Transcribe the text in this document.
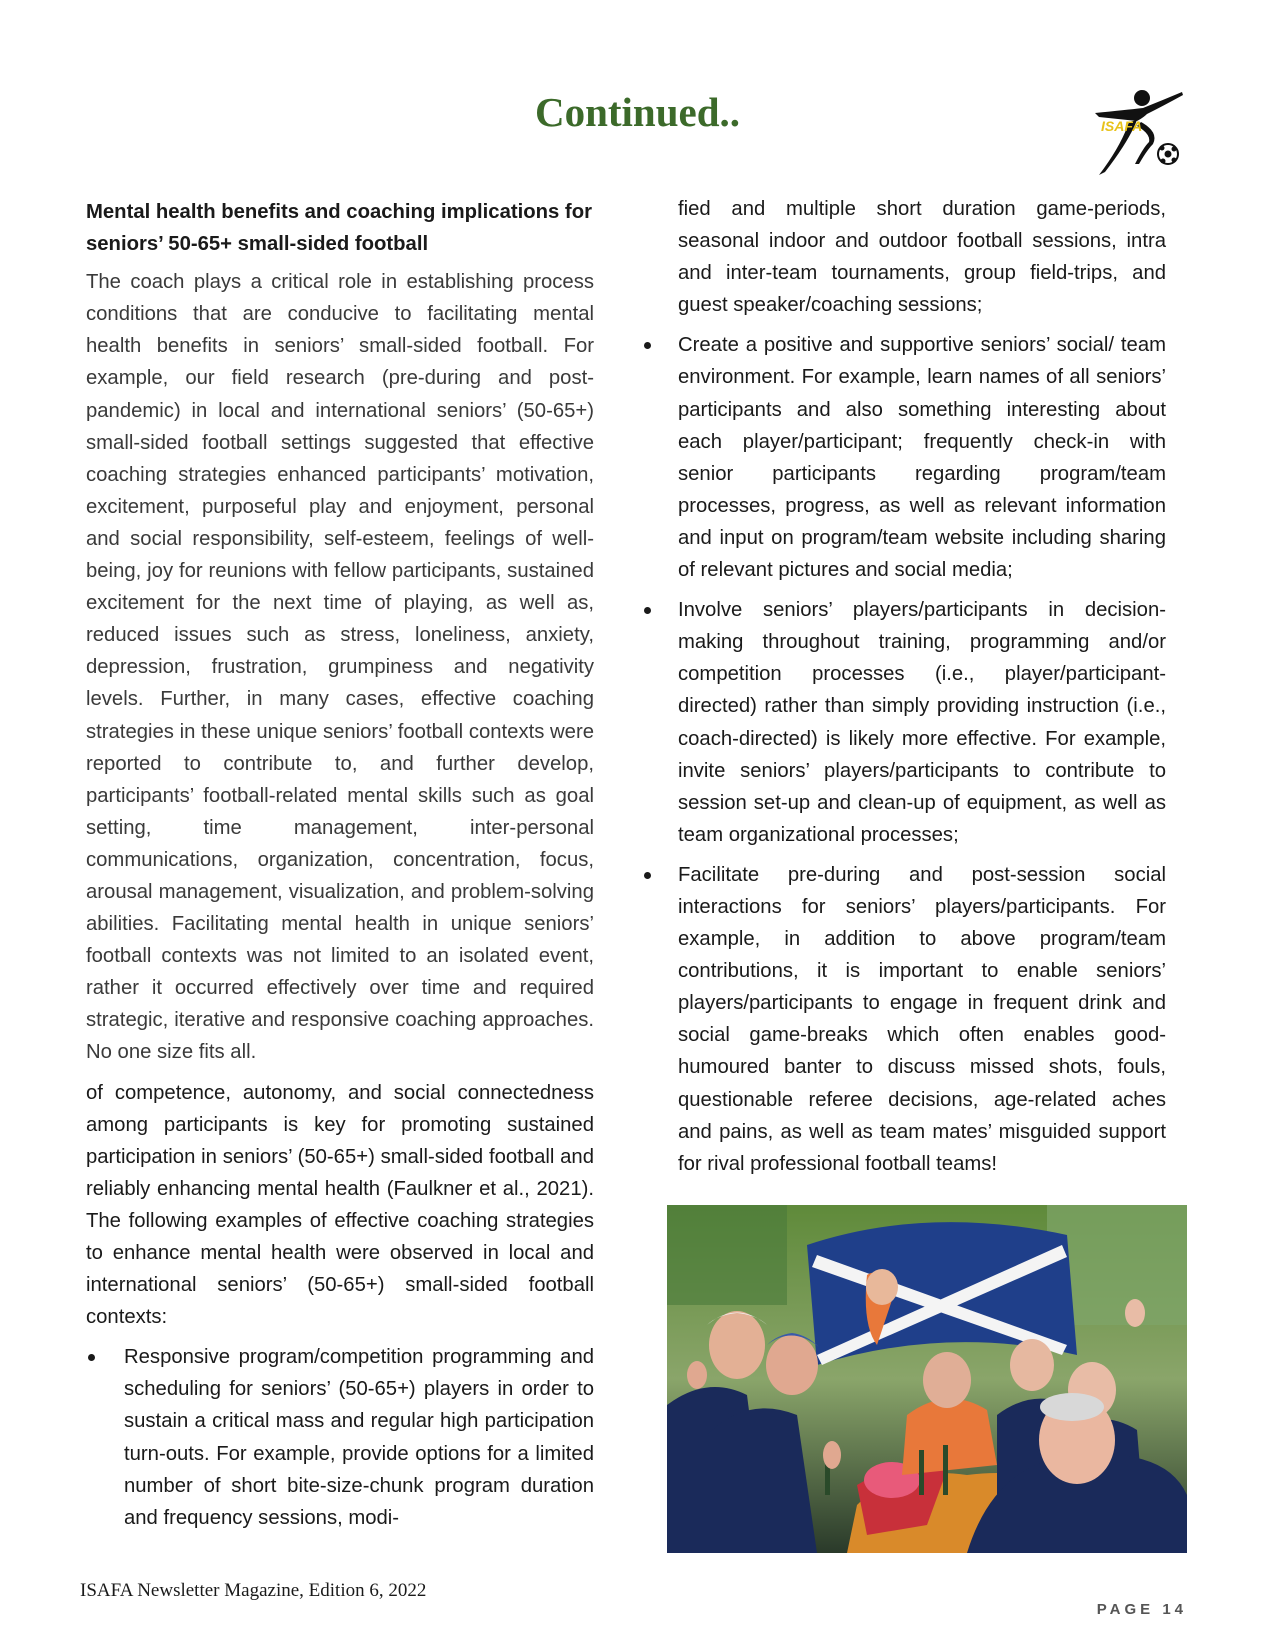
Continued..	ISAFA

Mental health benefits and coaching implications for seniors’ 50-65+ small-sided football

The coach plays a critical role in establishing process conditions that are conducive to facilitating mental health benefits in seniors’ small-sided football. For example, our field research (pre-during and post-pandemic) in local and international seniors’ (50-65+) small-sided football settings suggested that effective coaching strategies enhanced participants’ motivation, excitement, purposeful play and enjoyment, personal and social responsibility, self-esteem, feelings of well-being, joy for reunions with fellow participants, sustained excitement for the next time of playing, as well as, reduced issues such as stress, loneliness, anxiety, depression, frustration, grumpiness and negativity levels. Further, in many cases, effective coaching strategies in these unique seniors’ football contexts were reported to contribute to, and further develop, participants’ football-related mental skills such as goal setting, time management, inter-personal communications, organization, concentration, focus, arousal management, visualization, and problem-solving abilities. Facilitating mental health in unique seniors’ football contexts was not limited to an isolated event, rather it occurred effectively over time and required strategic, iterative and responsive coaching approaches. No one size fits all.

of competence, autonomy, and social connectedness among participants is key for promoting sustained participation in seniors’ (50-65+) small-sided football and reliably enhancing mental health (Faulkner et al., 2021). The following examples of effective coaching strategies to enhance mental health were observed in local and international seniors’ (50-65+) small-sided football contexts:

Responsive program/competition programming and scheduling for seniors’ (50-65+) players in order to sustain a critical mass and regular high participation turn-outs. For example, provide options for a limited number of short bite-size-chunk program duration and frequency sessions, modi-

fied and multiple short duration game-periods, seasonal indoor and outdoor football sessions, intra and inter-team tournaments, group field-trips, and guest speaker/coaching sessions;

Create a positive and supportive seniors’ social/ team environment. For example, learn names of all seniors’ participants and also something interesting about each player/participant; frequently check-in with senior participants regarding program/team processes, progress, as well as relevant information and input on program/team website including sharing of relevant pictures and social media;
Involve seniors’ players/participants in decision-making throughout training, programming and/or competition processes (i.e., player/participant-directed) rather than simply providing instruction (i.e., coach-directed) is likely more effective. For example, invite seniors’ players/participants to contribute to session set-up and clean-up of equipment, as well as team organizational processes;
Facilitate pre-during and post-session social interactions for seniors’ players/participants. For example, in addition to above program/team contributions, it is important to enable seniors’ players/participants to engage in frequent drink and social game-breaks which often enables good-humoured banter to discuss missed shots, fouls, questionable referee decisions, age-related aches and pains, as well as team mates’ misguided support for rival professional football teams!
ISAFA Newsletter Magazine, Edition 6, 2022
PAGE 14
